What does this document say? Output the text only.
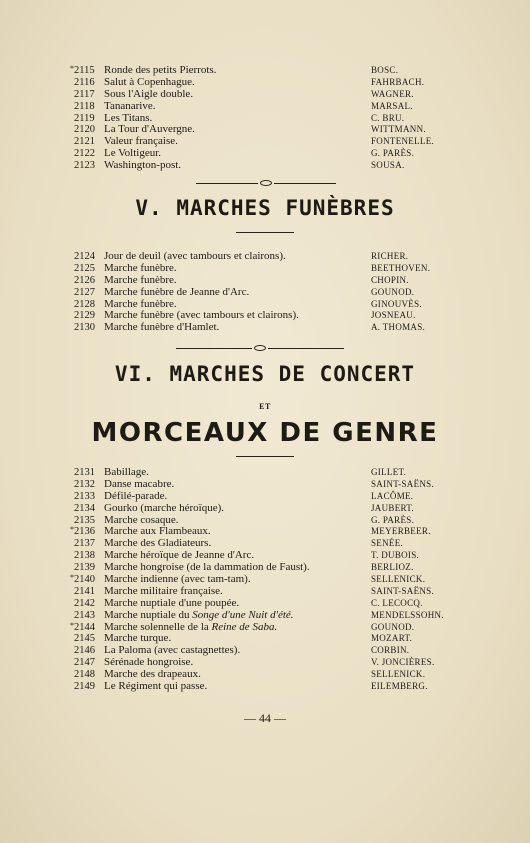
* 2115 Ronde des petits Pierrots.	BOSC.
2116 Salut à Copenhague.	FAHRBACH.
2117 Sous l'Aigle double.	WAGNER.
2118 Tananarive.	MARSAL.
2119 Les Titans.	C. BRU.
2120 La Tour d'Auvergne.	WITTMANN.
2121 Valeur française.	FONTENELLE.
2122 Le Voltigeur.	G. PARÈS.
2123 Washington-post.	SOUSA.
V. MARCHES FUNÈBRES
2124 Jour de deuil (avec tambours et clairons).	RICHER.
2125 Marche funèbre.	BEETHOVEN.
2126 Marche funèbre.	CHOPIN.
2127 Marche funèbre de Jeanne d'Arc.	GOUNOD.
2128 Marche funèbre.	GINOUVÈS.
2129 Marche funèbre (avec tambours et clairons).	JOSNEAU.
2130 Marche funèbre d'Hamlet.	A. THOMAS.
VI. MARCHES DE CONCERT
ET
MORCEAUX DE GENRE
2131 Babillage.	GILLET.
2132 Danse macabre.	SAINT-SAËNS.
2133 Défilé-parade.	LACÔME.
2134 Gourko (marche héroïque).	JAUBERT.
2135 Marche cosaque.	G. PARÈS.
* 2136 Marche aux Flambeaux.	MEYERBEER.
2137 Marche des Gladiateurs.	SENÉE.
2138 Marche héroïque de Jeanne d'Arc.	T. DUBOIS.
2139 Marche hongroise (de la dammation de Faust).	BERLIOZ.
* 2140 Marche indienne (avec tam-tam).	SELLENICK.
2141 Marche militaire française.	SAINT-SAËNS.
2142 Marche nuptiale d'une poupée.	C. LECOCQ.
2143 Marche nuptiale du Songe d'une Nuit d'été.	MENDELSSOHN.
* 2144 Marche solennelle de la Reine de Saba.	GOUNOD.
2145 Marche turque.	MOZART.
2146 La Paloma (avec castagnettes).	CORBIN.
2147 Sérénade hongroise.	V. JONCIÈRES.
2148 Marche des drapeaux.	SELLENICK.
2149 Le Régiment qui passe.	EILEMBERG.
— 44 —
